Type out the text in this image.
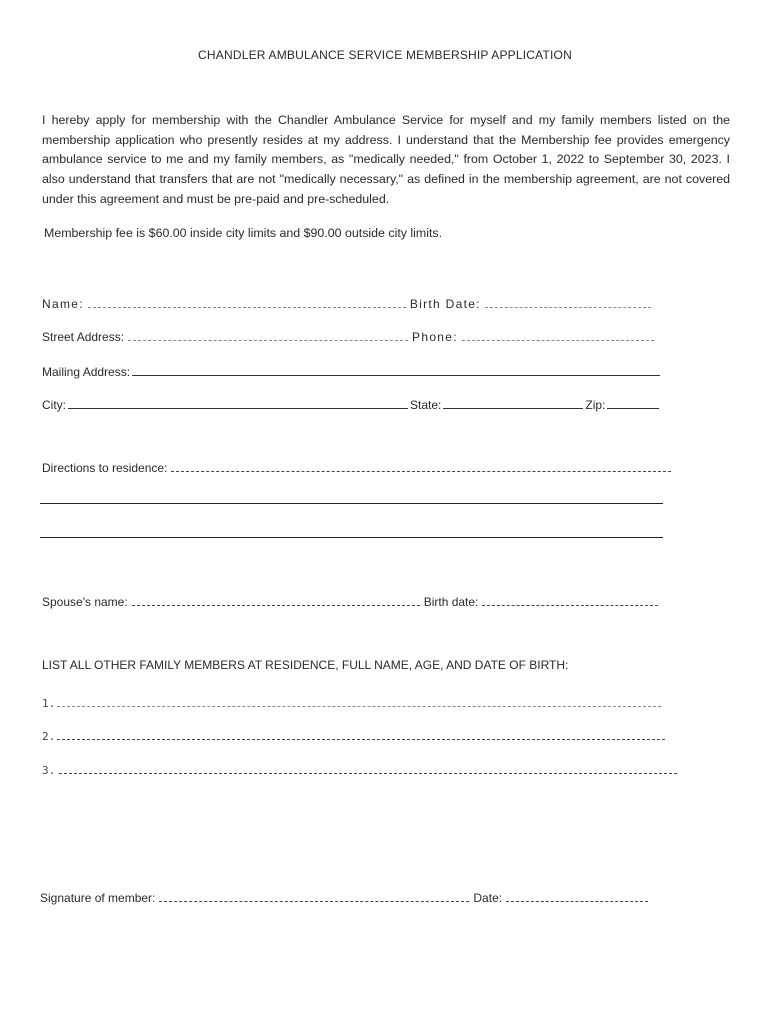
CHANDLER AMBULANCE SERVICE MEMBERSHIP APPLICATION
I hereby apply for membership with the Chandler Ambulance Service for myself and my family members listed on the membership application who presently resides at my address. I understand that the Membership fee provides emergency ambulance service to me and my family members, as "medically needed," from October 1, 2022 to September 30, 2023. I also understand that transfers that are not "medically necessary," as defined in the membership agreement, are not covered under this agreement and must be pre-paid and pre-scheduled.
Membership fee is $60.00 inside city limits and $90.00 outside city limits.
Name:	Birth Date:
Street Address:	Phone:
Mailing Address:
City:	State:	Zip:
Directions to residence:
Spouse's name:	Birth date:
LIST ALL OTHER FAMILY MEMBERS AT RESIDENCE, FULL NAME, AGE, AND DATE OF BIRTH:
1.
2.
3.
Signature of member:	Date:
